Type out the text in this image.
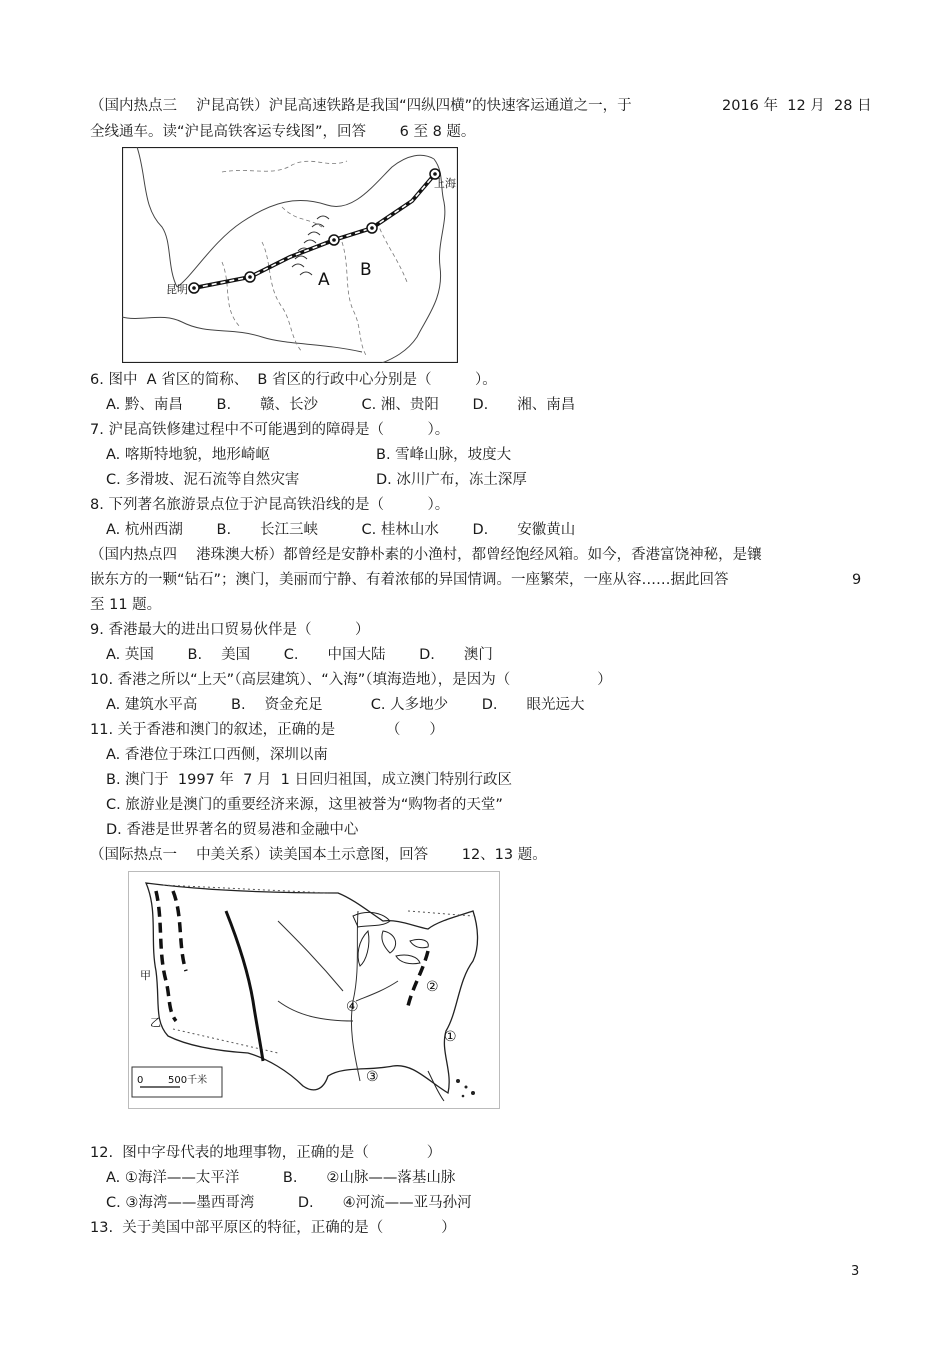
（国内热点三　 沪昆高铁）沪昆高速铁路是我国“四纵四横”的快速客运通道之一，于	2016 年  12 月  28 日
全线通车。读“沪昆高铁客运专线图”，回答　　 6 至 8 题。
A B
昆明
上海
6. 图中  A 省区的简称、  B 省区的行政中心分别是（　　　）。
A. 黔、南昌　　 B.　　赣、长沙　　　C. 湘、贵阳　　 D.　　湘、南昌
7. 沪昆高铁修建过程中不可能遇到的障碍是（　　　）。
A. 喀斯特地貌，地形崎岖	B. 雪峰山脉，坡度大
C. 多滑坡、泥石流等自然灾害	D. 冰川广布，冻土深厚
8. 下列著名旅游景点位于沪昆高铁沿线的是（　　　）。
A. 杭州西湖　　 B.　　长江三峡　　　C. 桂林山水　　 D.　　安徽黄山
（国内热点四　 港珠澳大桥）都曾经是安静朴素的小渔村，都曾经饱经风箱。如今，香港富饶神秘，是镶
嵌东方的一颗“钻石”；澳门，美丽而宁静、有着浓郁的异国情调。一座繁荣，一座从容……据此回答	9
至 11 题。
9. 香港最大的进出口贸易伙伴是（　　　）
A. 英国　　 B.　 美国　　 C.　　中国大陆　　 D.　　澳门
10. 香港之所以“上天”（高层建筑）、“入海”（填海造地），是因为（　　　　　　）
A. 建筑水平高　　 B.　 资金充足　　　 C. 人多地少　　 D.　　眼光远大
11. 关于香港和澳门的叙述，正确的是　　　　（　　）
A. 香港位于珠江口西侧，深圳以南
B. 澳门于  1997 年  7 月  1 日回归祖国，成立澳门特别行政区
C. 旅游业是澳门的重要经济来源，这里被誉为“购物者的天堂”
D. 香港是世界著名的贸易港和金融中心
（国际热点一　 中美关系）读美国本土示意图，回答　　 12、13 题。
甲
乙
①
②
③
④
0 500千米
12.  图中字母代表的地理事物，正确的是（　　　　）
A. ①海洋——太平洋　　　B.　　②山脉——落基山脉
C. ③海湾——墨西哥湾　　　D.　　④河流——亚马孙河
13.  关于美国中部平原区的特征，正确的是（　　　　）
3
